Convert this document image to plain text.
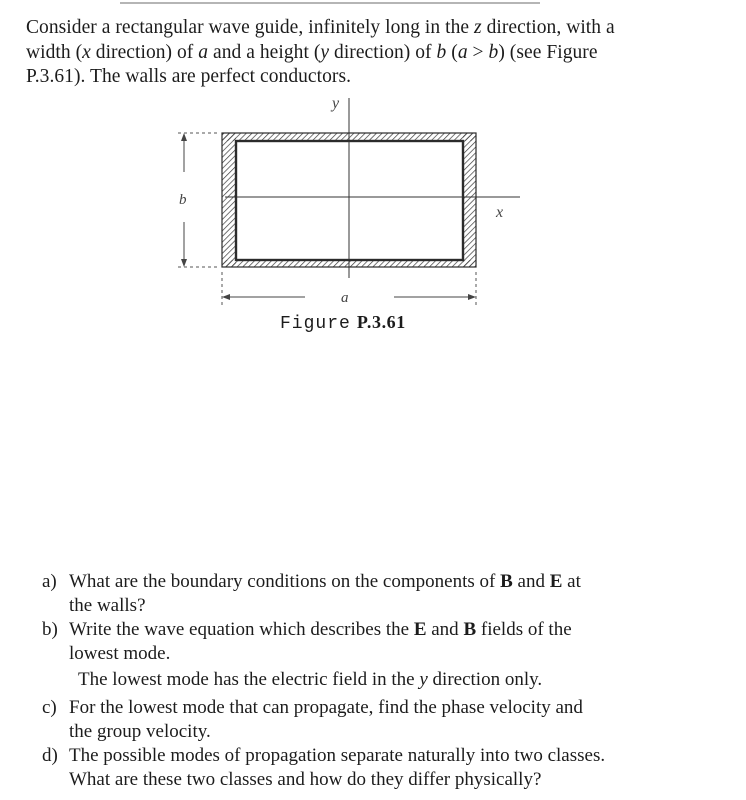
Consider a rectangular wave guide, infinitely long in the z direction, with a
width (x direction) of a and a height (y direction) of b (a > b) (see Figure
P.3.61). The walls are perfect conductors.
y
x
b
a
Figure P.3.61
a) What are the boundary conditions on the components of B and E at
the walls?
b) Write the wave equation which describes the E and B fields of the
lowest mode.
The lowest mode has the electric field in the y direction only.
c) For the lowest mode that can propagate, find the phase velocity and
the group velocity.
d) The possible modes of propagation separate naturally into two classes.
What are these two classes and how do they differ physically?
